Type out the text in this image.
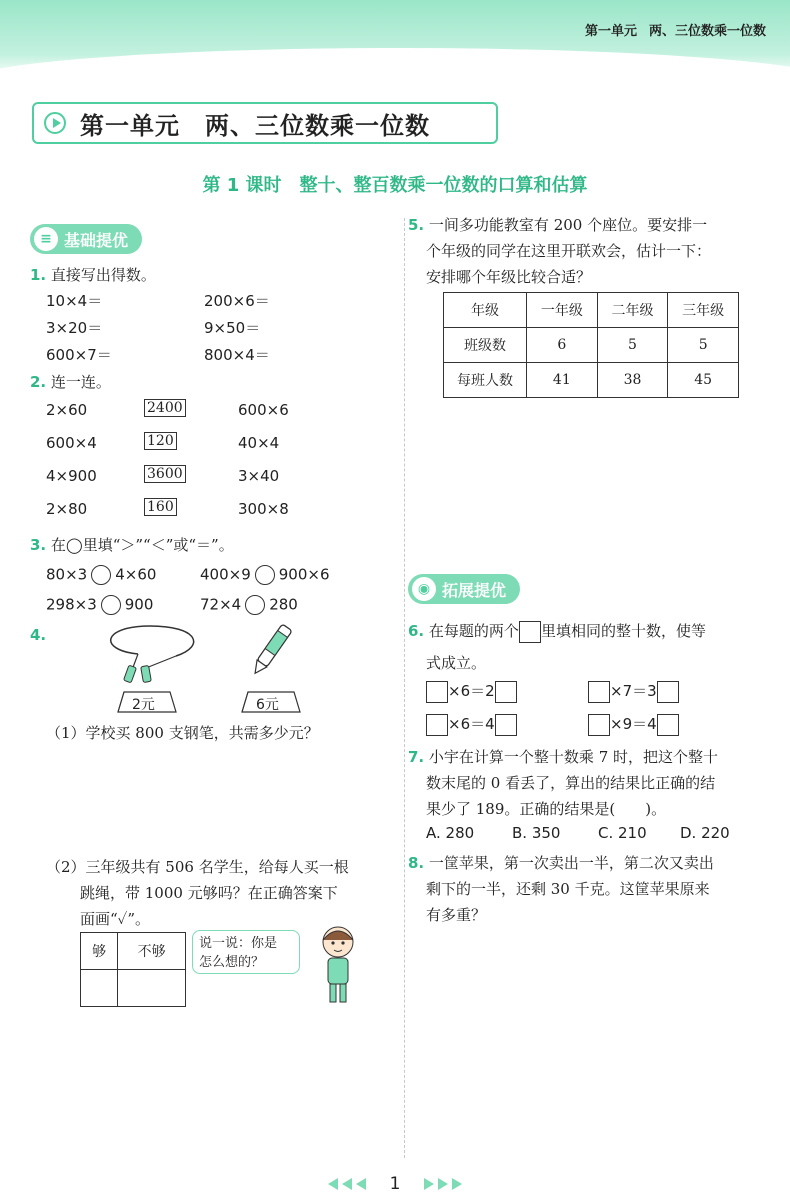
第一单元 两、三位数乘一位数
第一单元　两、三位数乘一位数
第 1 课时　整十、整百数乘一位数的口算和估算
≡ 基础提优
1. 直接写出得数。
10×4＝	200×6＝
3×20＝	9×50＝
600×7＝	800×4＝
2. 连一连。
2×60
600×4
4×900
2×80
2400
120
3600
160
600×6
40×4
3×40
300×8
3. 在◯里填“＞”“＜”或“＝”。
80×3 4×60	400×9 900×6
298×3 900	72×4 280
4.
2元	6元
（1）学校买 800 支钢笔，共需多少元？
（2）三年级共有 506 名学生，给每人买一根
跳绳，带 1000 元够吗？在正确答案下
面画“✓”。
够	不够

说一说：你是
怎么想的？
5. 一间多功能教室有 200 个座位。要安排一
个年级的同学在这里开联欢会，估计一下：
安排哪个年级比较合适？
年级	一年级	二年级	三年级
班级数	6	5	5
每班人数	41	38	45
◉ 拓展提优
6. 在每题的两个 里填相同的整十数，使等
式成立。
×6＝2	×7＝3
×6＝4	×9＝4
7. 小宇在计算一个整十数乘 7 时，把这个整十
数末尾的 0 看丢了，算出的结果比正确的结
果少了 189。正确的结果是(　　)。
A. 280	B. 350	C. 210 D. 220
8. 一筐苹果，第一次卖出一半，第二次又卖出
剩下的一半，还剩 30 千克。这筐苹果原来
有多重？
1
